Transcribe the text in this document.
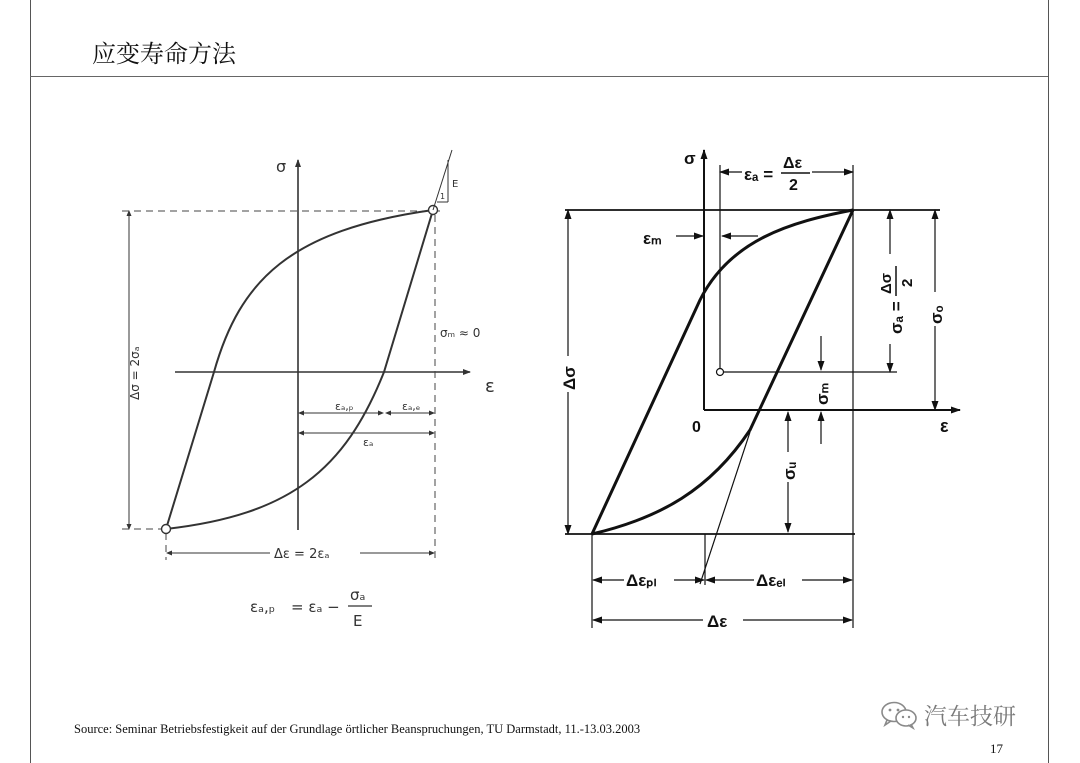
应变寿命方法
σ
ε
E
1
Δσ = 2σₐ
σₘ ≈ 0
εₐ,ₚ	εₐ,ₑ
εₐ
Δε = 2εₐ
εₐ,ₚ = εₐ −
σₐ
E
σ
ε
0
εₐ =
Δε
2
εₘ
σₐ =
Δσ 2
σₒ
σₘ
σᵤ
Δσ
Δεₚₗ	Δεₑₗ
Δε
汽车技研
Source: Seminar Betriebsfestigkeit auf der Grundlage örtlicher Beanspruchungen, TU Darmstadt, 11.-13.03.2003
17
